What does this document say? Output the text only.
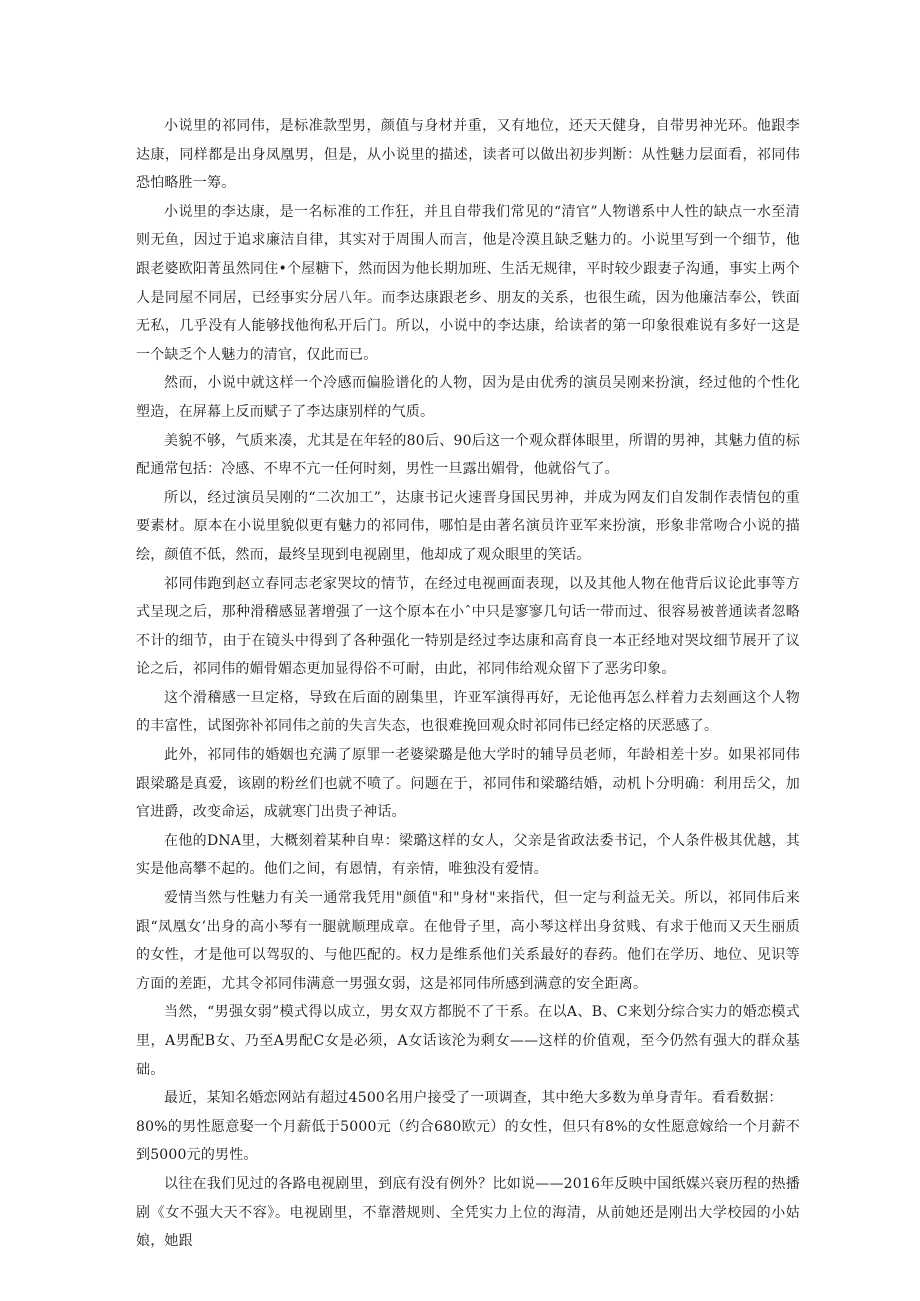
小说里的祁同伟，是标准款型男，颜值与身材并重，又有地位，还天天健身，自带男神光环。他跟李达康，同样都是出身凤凰男，但是，从小说里的描述，读者可以做出初步判断：从性魅力层面看，祁同伟恐怕略胜一筹。

小说里的李达康，是一名标准的工作狂，并且自带我们常见的“清官”人物谱系中人性的缺点一水至清则无鱼，因过于追求廉洁自律，其实对于周围人而言，他是冷漠且缺乏魅力的。小说里写到一个细节，他跟老婆欧阳菁虽然同住•个屋糖下，然而因为他长期加班、生活无规律，平时较少跟妻子沟通，事实上两个人是同屋不同居，已经事实分居八年。而李达康跟老乡、朋友的关系，也很生疏，因为他廉洁奉公，铁面无私，几乎没有人能够找他徇私开后门。所以，小说中的李达康，给读者的第一印象很难说有多好一这是一个缺乏个人魅力的清官，仅此而已。

然而，小说中就这样一个冷感而偏脸谱化的人物，因为是由优秀的演员吴刚来扮演，经过他的个性化塑造，在屏幕上反而赋子了李达康别样的气质。

美貌不够，气质来凑，尤其是在年轻的80后、90后这一个观众群体眼里，所谓的男神，其魅力值的标配通常包括：冷感、不卑不亢一任何时刻，男性一旦露出媚骨，他就俗气了。

所以，经过演员吴刚的“二次加工”，达康书记火速晋身国民男神，并成为网友们自发制作表情包的重要素材。原本在小说里貌似更有魅力的祁同伟，哪怕是由著名演员许亚军来扮演，形象非常吻合小说的描绘，颜值不低，然而，最终呈现到电视剧里，他却成了观众眼里的笑话。

祁同伟跑到赵立春同志老家哭坟的情节，在经过电视画面表现，以及其他人物在他背后议论此事等方式呈现之后，那种滑稽感显著增强了一这个原本在小ˆ中只是寥寥几句话一带而过、很容易被普通读者忽略不计的细节，由于在镜头中得到了各种强化一特别是经过李达康和高育良一本正经地对哭坟细节展开了议论之后，祁同伟的媚骨媚态更加显得俗不可耐，由此，祁同伟给观众留下了恶劣印象。

这个滑稽感一旦定格，导致在后面的剧集里，许亚军演得再好，无论他再怎么样着力去刻画这个人物的丰富性，试图弥补祁同伟之前的失言失态，也很难挽回观众时祁同伟已经定格的厌恶感了。

此外，祁同伟的婚姻也充满了原罪一老婆梁璐是他大学时的辅导员老师，年龄相差十岁。如果祁同伟跟梁璐是真爱，该剧的粉丝们也就不喷了。问题在于，祁同伟和梁璐结婚，动机卜分明确：利用岳父，加官进爵，改变命运，成就寒门出贵子神话。

在他的DNA里，大概刻着某种自卑：梁璐这样的女人，父亲是省政法委书记，个人条件极其优越，其实是他高攀不起的。他们之间，有恩情，有亲情，唯独没有爱情。

爱情当然与性魅力有关一通常我凭用"颜值"和"身材"来指代，但一定与利益无关。所以，祁同伟后来跟“凤凰女’出身的高小琴有一腿就顺理成章。在他骨子里，高小琴这样出身贫贱、有求于他而又天生丽质的女性，才是他可以驾驭的、与他匹配的。权力是维系他们关系最好的春药。他们在学历、地位、见识等方面的差距，尤其令祁同伟满意一男强女弱，这是祁同伟所感到满意的安全距离。

当然，“男强女弱”模式得以成立，男女双方都脱不了干系。在以A、B、C来划分综合实力的婚恋模式里，A男配B女、乃至A男配C女是必须，A女话该沦为剩女——这样的价值观，至今仍然有强大的群众基础。

最近，某知名婚恋网站有超过4500名用户接受了一项调查，其中绝大多数为单身青年。看看数据：

80%的男性愿意娶一个月薪低于5000元（约合680欧元）的女性，但只有8%的女性愿意嫁给一个月薪不到5000元的男性。

以往在我们见过的各路电视剧里，到底有没有例外？比如说——2016年反映中国纸媒兴衰历程的热播剧《女不强大天不容》。电视剧里，不靠潜规则、全凭实力上位的海清，从前她还是刚出大学校园的小姑娘，她跟
